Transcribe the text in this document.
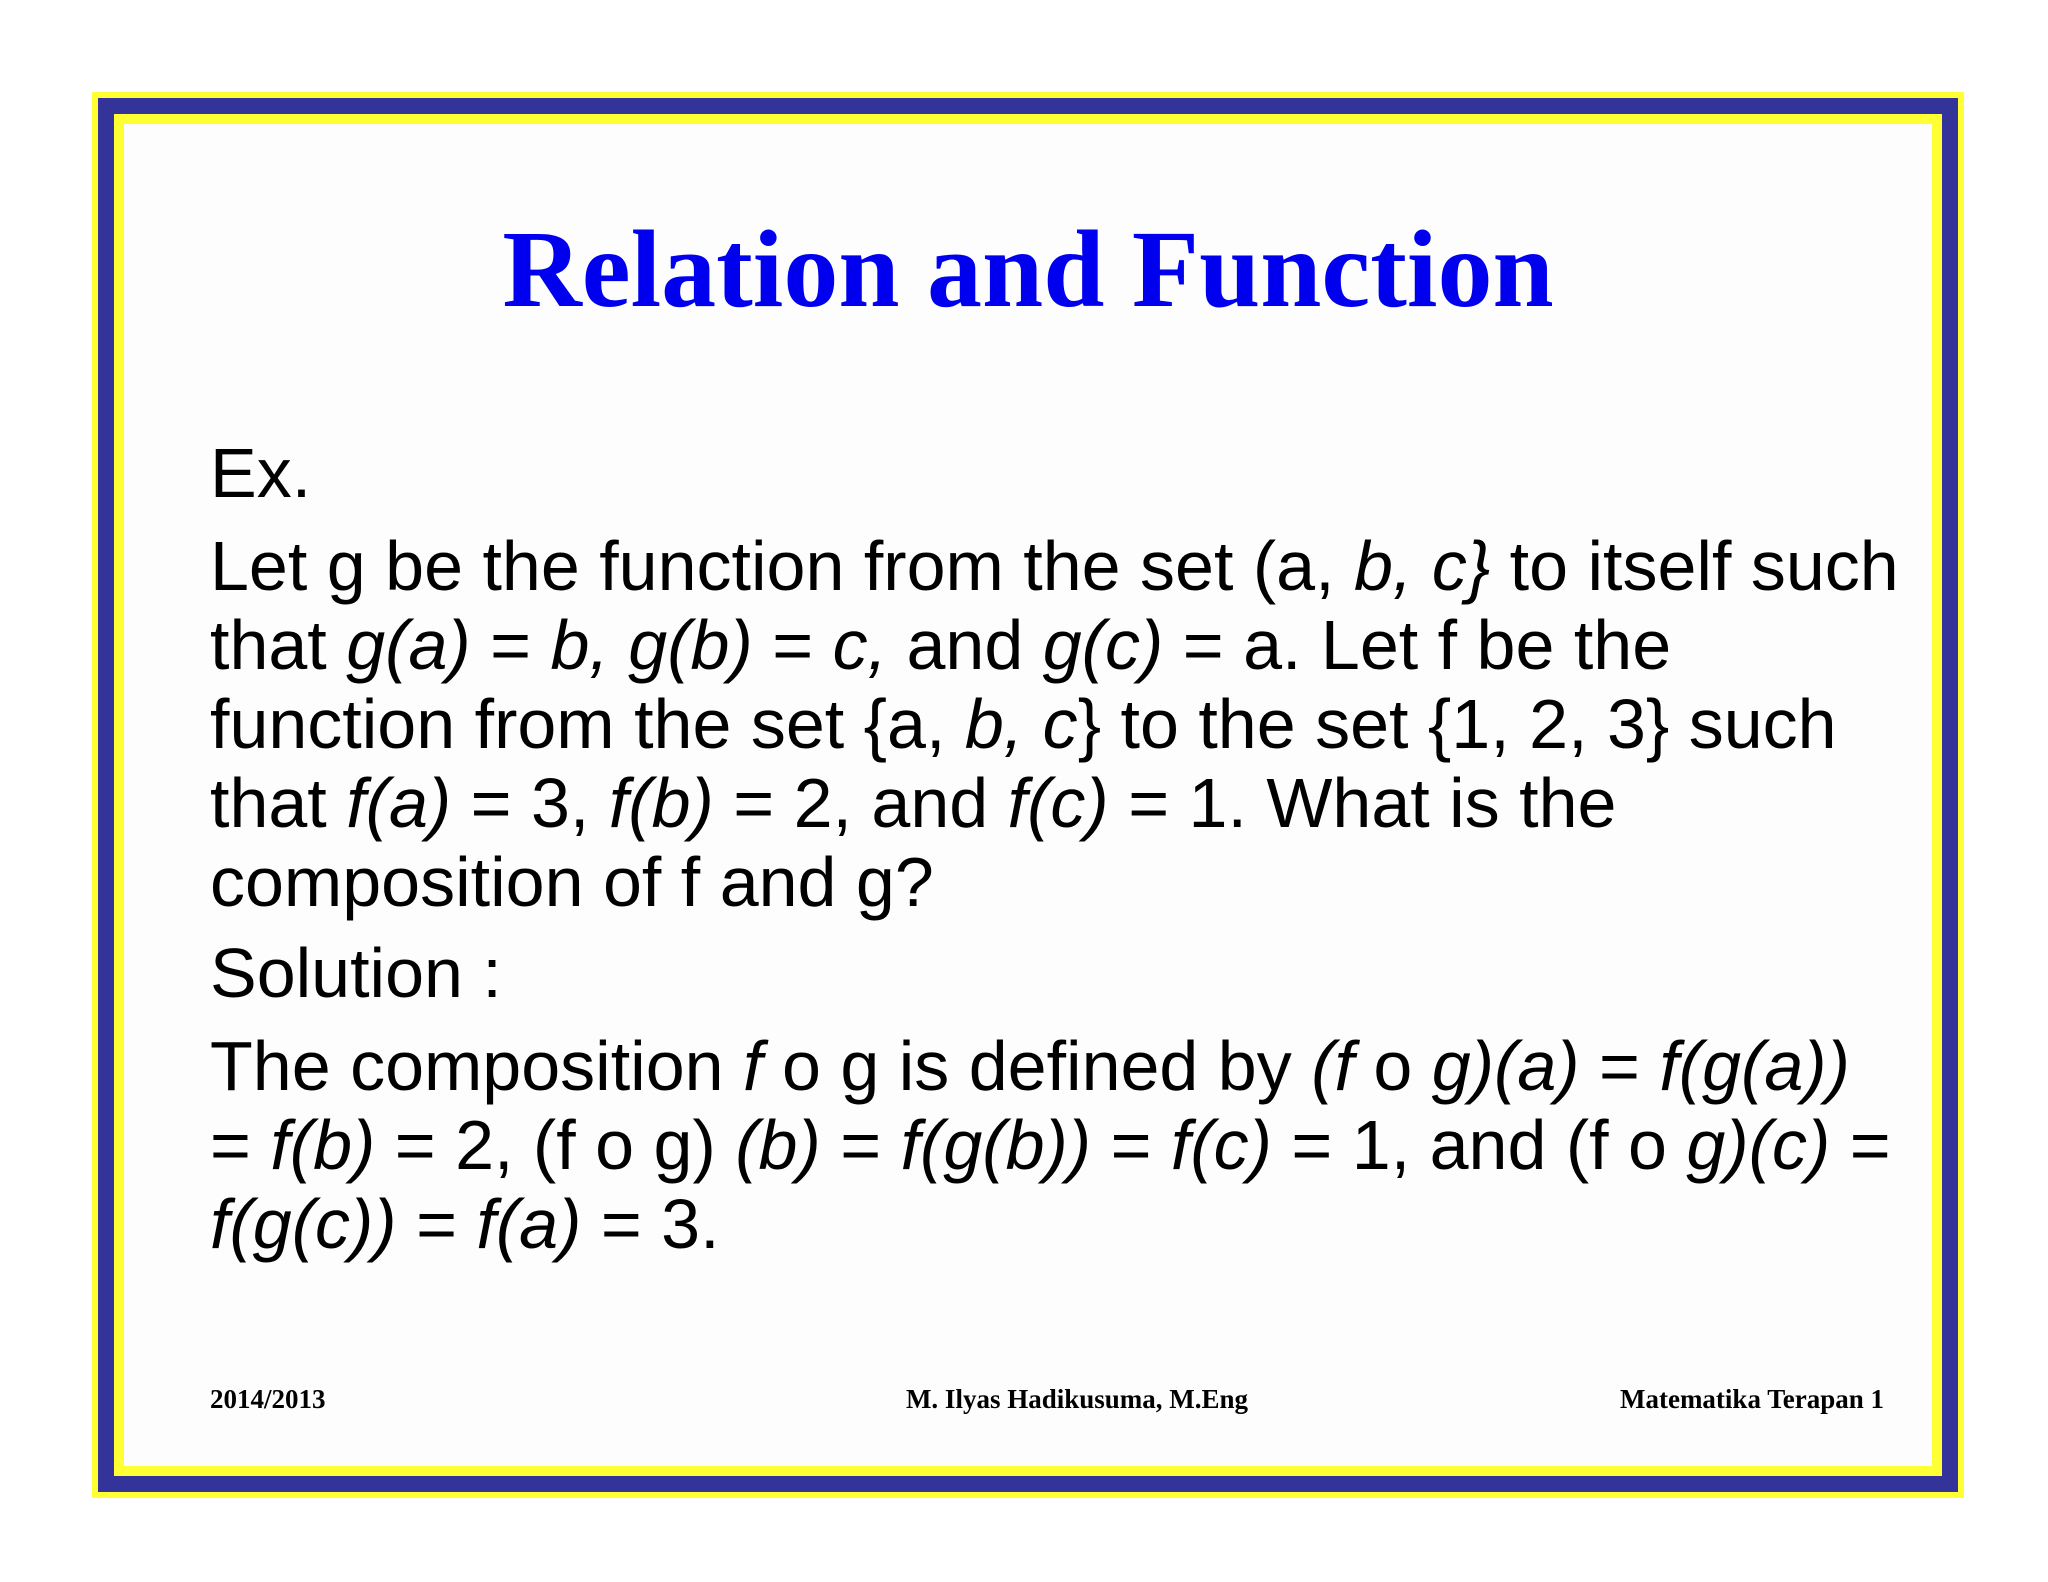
Relation and Function

Ex.

Let g be the function from the set (a, b, c} to itself such that g(a) = b, g(b) = c, and g(c) = a. Let f be the function from the set {a, b, c} to the set {1, 2, 3} such that f(a) = 3, f(b) = 2, and f(c) = 1. What is the composition of f and g?

Solution :

The composition f o g is defined by (f o g)(a) = f(g(a)) = f(b) = 2, (f o g) (b) = f(g(b)) = f(c) = 1, and (f o g)(c) = f(g(c)) = f(a) = 3.

2014/2013	M. Ilyas Hadikusuma, M.Eng	Matematika Terapan 1
